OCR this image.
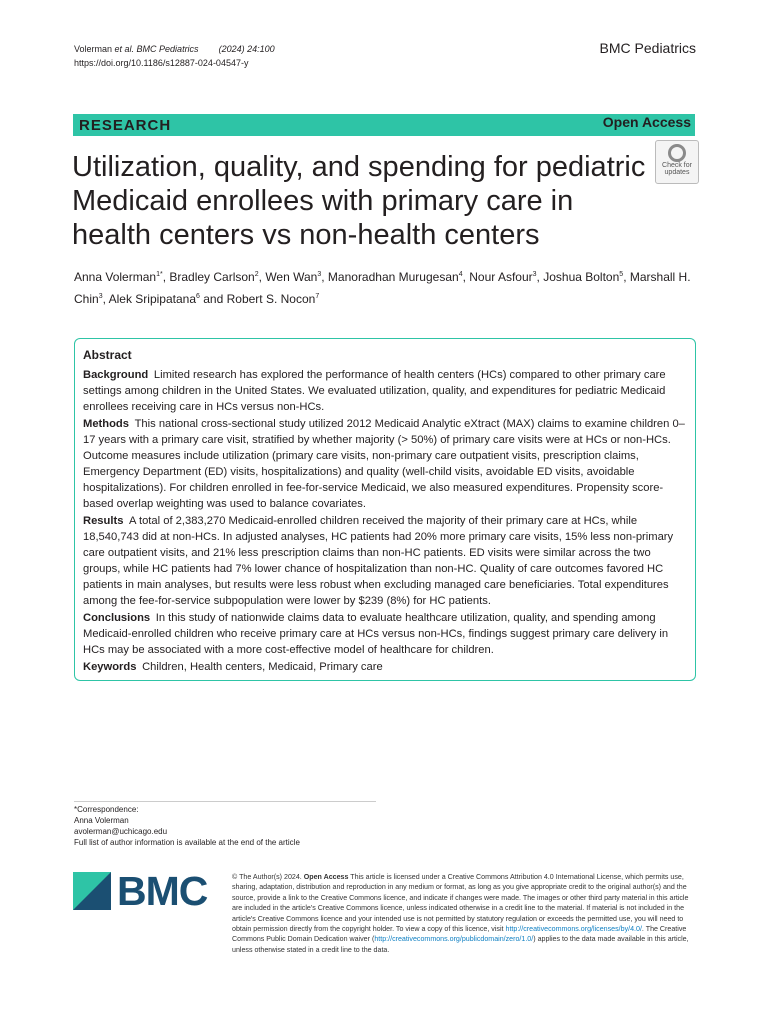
Volerman et al. BMC Pediatrics (2024) 24:100
https://doi.org/10.1186/s12887-024-04547-y
BMC Pediatrics
RESEARCH	Open Access
Check for
updates
Utilization, quality, and spending for pediatric Medicaid enrollees with primary care in health centers vs non-health centers
Anna Volerman$^{1*}$, Bradley Carlson$^2$, Wen Wan$^3$, Manoradhan Murugesan$^4$, Nour Asfour$^3$, Joshua Bolton$^5$, Marshall H. Chin$^3$, Alek Sripipatana$^6$ and Robert S. Nocon$^7$
Abstract

Background  Limited research has explored the performance of health centers (HCs) compared to other primary care settings among children in the United States. We evaluated utilization, quality, and expenditures for pediatric Medicaid enrollees receiving care in HCs versus non-HCs.

Methods  This national cross-sectional study utilized 2012 Medicaid Analytic eXtract (MAX) claims to examine children 0–17 years with a primary care visit, stratified by whether majority (> 50%) of primary care visits were at HCs or non-HCs. Outcome measures include utilization (primary care visits, non-primary care outpatient visits, prescription claims, Emergency Department (ED) visits, hospitalizations) and quality (well-child visits, avoidable ED visits, avoidable hospitalizations). For children enrolled in fee-for-service Medicaid, we also measured expenditures. Propensity score-based overlap weighting was used to balance covariates.

Results  A total of 2,383,270 Medicaid-enrolled children received the majority of their primary care at HCs, while 18,540,743 did at non-HCs. In adjusted analyses, HC patients had 20% more primary care visits, 15% less non-primary care outpatient visits, and 21% less prescription claims than non-HC patients. ED visits were similar across the two groups, while HC patients had 7% lower chance of hospitalization than non-HC. Quality of care outcomes favored HC patients in main analyses, but results were less robust when excluding managed care beneficiaries. Total expenditures among the fee-for-service subpopulation were lower by $239 (8%) for HC patients.

Conclusions  In this study of nationwide claims data to evaluate healthcare utilization, quality, and spending among Medicaid-enrolled children who receive primary care at HCs versus non-HCs, findings suggest primary care delivery in HCs may be associated with a more cost-effective model of healthcare for children.

Keywords  Children, Health centers, Medicaid, Primary care

*Correspondence:
Anna Volerman
avolerman@uchicago.edu
Full list of author information is available at the end of the article
BMC	© The Author(s) 2024. Open Access This article is licensed under a Creative Commons Attribution 4.0 International License, which permits use, sharing, adaptation, distribution and reproduction in any medium or format, as long as you give appropriate credit to the original author(s) and the source, provide a link to the Creative Commons licence, and indicate if changes were made. The images or other third party material in this article are included in the article's Creative Commons licence, unless indicated otherwise in a credit line to the material. If material is not included in the article's Creative Commons licence and your intended use is not permitted by statutory regulation or exceeds the permitted use, you will need to obtain permission directly from the copyright holder. To view a copy of this licence, visit http://creativecommons.org/licenses/by/4.0/. The Creative Commons Public Domain Dedication waiver (http://creativecommons.org/publicdomain/zero/1.0/) applies to the data made available in this article, unless otherwise stated in a credit line to the data.
